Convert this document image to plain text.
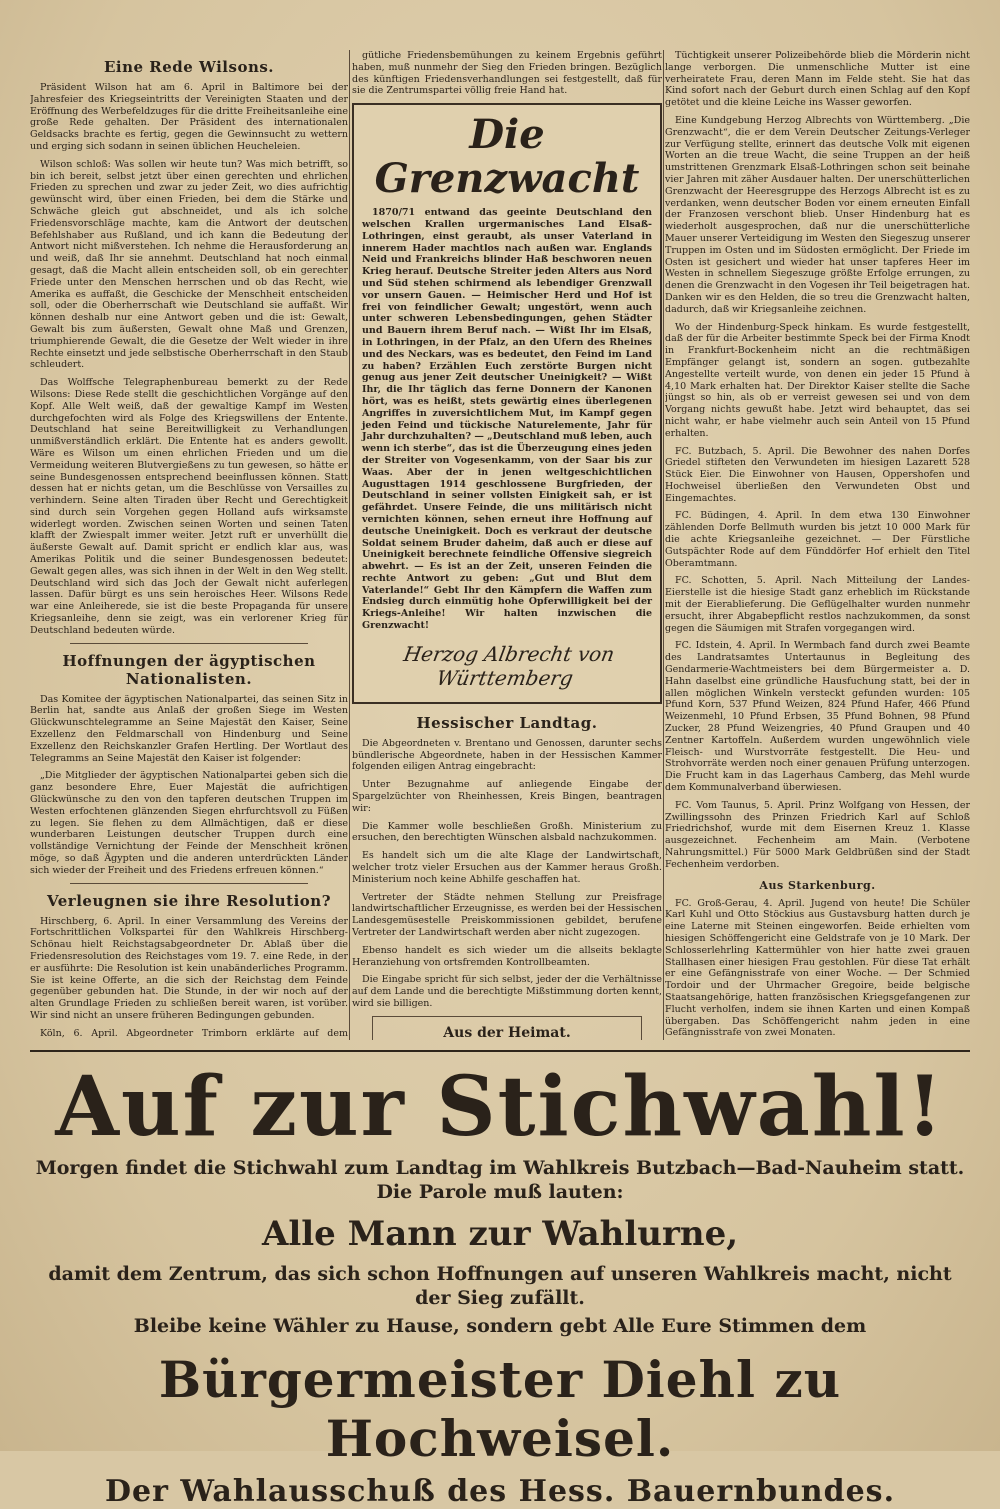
Eine Rede Wilsons.

Präsident Wilson hat am 6. April in Baltimore bei der Jahresfeier des Kriegseintritts der Vereinigten Staaten und der Eröffnung des Werbefeldzuges für die dritte Freiheitsanleihe eine große Rede gehalten. Der Präsident des internationalen Geldsacks brachte es fertig, gegen die Gewinnsucht zu wettern und erging sich sodann in seinen üblichen Heucheleien.

Wilson schloß: Was sollen wir heute tun? Was mich betrifft, so bin ich bereit, selbst jetzt über einen gerechten und ehrlichen Frieden zu sprechen und zwar zu jeder Zeit, wo dies aufrichtig gewünscht wird, über einen Frieden, bei dem die Stärke und Schwäche gleich gut abschneidet, und als ich solche Friedensvorschläge machte, kam die Antwort der deutschen Befehlshaber aus Rußland, und ich kann die Bedeutung der Antwort nicht mißverstehen. Ich nehme die Herausforderung an und weiß, daß Ihr sie annehmt. Deutschland hat noch einmal gesagt, daß die Macht allein entscheiden soll, ob ein gerechter Friede unter den Menschen herrschen und ob das Recht, wie Amerika es auffaßt, die Geschicke der Menschheit entscheiden soll, oder die Oberherrschaft wie Deutschland sie auffaßt. Wir können deshalb nur eine Antwort geben und die ist: Gewalt, Gewalt bis zum äußersten, Gewalt ohne Maß und Grenzen, triumphierende Gewalt, die die Gesetze der Welt wieder in ihre Rechte einsetzt und jede selbstische Oberherrschaft in den Staub schleudert.

Das Wolffsche Telegraphenbureau bemerkt zu der Rede Wilsons: Diese Rede stellt die geschichtlichen Vorgänge auf den Kopf. Alle Welt weiß, daß der gewaltige Kampf im Westen durchgefochten wird als Folge des Kriegswillens der Entente. Deutschland hat seine Bereitwilligkeit zu Verhandlungen unmißverständlich erklärt. Die Entente hat es anders gewollt. Wäre es Wilson um einen ehrlichen Frieden und um die Vermeidung weiteren Blutvergießens zu tun gewesen, so hätte er seine Bundesgenossen entsprechend beeinflussen können. Statt dessen hat er nichts getan, um die Beschlüsse von Versailles zu verhindern. Seine alten Tiraden über Recht und Gerechtigkeit sind durch sein Vorgehen gegen Holland aufs wirksamste widerlegt worden. Zwischen seinen Worten und seinen Taten klafft der Zwiespalt immer weiter. Jetzt ruft er unverhüllt die äußerste Gewalt auf. Damit spricht er endlich klar aus, was Amerikas Politik und die seiner Bundesgenossen bedeutet: Gewalt gegen alles, was sich ihnen in der Welt in den Weg stellt. Deutschland wird sich das Joch der Gewalt nicht auferlegen lassen. Dafür bürgt es uns sein heroisches Heer. Wilsons Rede war eine Anleiherede, sie ist die beste Propaganda für unsere Kriegsanleihe, denn sie zeigt, was ein verlorener Krieg für Deutschland bedeuten würde.

Hoffnungen der ägyptischen Nationalisten.

Das Komitee der ägyptischen Nationalpartei, das seinen Sitz in Berlin hat, sandte aus Anlaß der großen Siege im Westen Glückwunschtelegramme an Seine Majestät den Kaiser, Seine Exzellenz den Feldmarschall von Hindenburg und Seine Exzellenz den Reichskanzler Grafen Hertling. Der Wortlaut des Telegramms an Seine Majestät den Kaiser ist folgender:

„Die Mitglieder der ägyptischen Nationalpartei geben sich die ganz besondere Ehre, Euer Majestät die aufrichtigen Glückwünsche zu den von den tapferen deutschen Truppen im Westen erfochtenen glänzenden Siegen ehrfurchtsvoll zu Füßen zu legen. Sie flehen zu dem Allmächtigen, daß er diese wunderbaren Leistungen deutscher Truppen durch eine vollständige Vernichtung der Feinde der Menschheit krönen möge, so daß Ägypten und die anderen unterdrückten Länder sich wieder der Freiheit und des Friedens erfreuen können.“

Verleugnen sie ihre Resolution?

Hirschberg, 6. April. In einer Versammlung des Vereins der Fortschrittlichen Volkspartei für den Wahlkreis Hirschberg-Schönau hielt Reichstagsabgeordneter Dr. Ablaß über die Friedensresolution des Reichstages vom 19. 7. eine Rede, in der er ausführte: Die Resolution ist kein unabänderliches Programm. Sie ist keine Offerte, an die sich der Reichstag dem Feinde gegenüber gebunden hat. Die Stunde, in der wir noch auf der alten Grundlage Frieden zu schließen bereit waren, ist vorüber. Wir sind nicht an unsere früheren Bedingungen gebunden.

Köln, 6. April. Abgeordneter Trimborn erklärte auf dem

gütliche Friedensbemühungen zu keinem Ergebnis geführt haben, muß nunmehr der Sieg den Frieden bringen. Bezüglich des künftigen Friedensverhandlungen sei festgestellt, daß für sie die Zentrumspartei völlig freie Hand hat.

Die Grenzwacht

1870/71 entwand das geeinte Deutschland den welschen Krallen urgermanisches Land Elsaß-Lothringen, einst geraubt, als unser Vaterland in innerem Hader machtlos nach außen war. Englands Neid und Frankreichs blinder Haß beschworen neuen Krieg herauf. Deutsche Streiter jeden Alters aus Nord und Süd stehen schirmend als lebendiger Grenzwall vor unsern Gauen. — Heimischer Herd und Hof ist frei von feindlicher Gewalt; ungestört, wenn auch unter schweren Lebensbedingungen, gehen Städter und Bauern ihrem Beruf nach. — Wißt Ihr im Elsaß, in Lothringen, in der Pfalz, an den Ufern des Rheines und des Neckars, was es bedeutet, den Feind im Land zu haben? Erzählen Euch zerstörte Burgen nicht genug aus jener Zeit deutscher Uneinigkeit? — Wißt Ihr, die Ihr täglich das ferne Donnern der Kanonen hört, was es heißt, stets gewärtig eines überlegenen Angriffes in zuversichtlichem Mut, im Kampf gegen jeden Feind und tückische Naturelemente, Jahr für Jahr durchzuhalten? — „Deutschland muß leben, auch wenn ich sterbe“, das ist die Überzeugung eines jeden der Streiter von Vogesenkamm, von der Saar bis zur Waas. Aber der in jenen weltgeschichtlichen Augusttagen 1914 geschlossene Burgfrieden, der Deutschland in seiner vollsten Einigkeit sah, er ist gefährdet. Unsere Feinde, die uns militärisch nicht vernichten können, sehen erneut ihre Hoffnung auf deutsche Uneinigkeit. Doch es verkraut der deutsche Soldat seinem Bruder daheim, daß auch er diese auf Uneinigkeit berechnete feindliche Offensive siegreich abwehrt. — Es ist an der Zeit, unseren Feinden die rechte Antwort zu geben: „Gut und Blut dem Vaterlande!“ Gebt Ihr den Kämpfern die Waffen zum Endsieg durch einmütig hohe Opferwilligkeit bei der Kriegs-Anleihe! Wir halten inzwischen die Grenzwacht!

Herzog Albrecht von Württemberg
Hessischer Landtag.

Die Abgeordneten v. Brentano und Genossen, darunter sechs bündlerische Abgeordnete, haben in der Hessischen Kammer folgenden eiligen Antrag eingebracht:

Unter Bezugnahme auf anliegende Eingabe der Spargelzüchter von Rheinhessen, Kreis Bingen, beantragen wir:

Die Kammer wolle beschließen Großh. Ministerium zu ersuchen, den berechtigten Wünschen alsbald nachzukommen.

Es handelt sich um die alte Klage der Landwirtschaft, welcher trotz vieler Ersuchen aus der Kammer heraus Großh. Ministerium noch keine Abhilfe geschaffen hat.

Vertreter der Städte nehmen Stellung zur Preisfrage landwirtschaftlicher Erzeugnisse, es werden bei der Hessischen Landesgemüsestelle Preiskommissionen gebildet, berufene Vertreter der Landwirtschaft werden aber nicht zugezogen.

Ebenso handelt es sich wieder um die allseits beklagte Heranziehung von ortsfremden Kontrollbeamten.

Die Eingabe spricht für sich selbst, jeder der die Verhältnisse auf dem Lande und die berechtigte Mißstimmung dorten kennt, wird sie billigen.

Aus der Heimat.

Tüchtigkeit unserer Polizeibehörde blieb die Mörderin nicht lange verborgen. Die unmenschliche Mutter ist eine verheiratete Frau, deren Mann im Felde steht. Sie hat das Kind sofort nach der Geburt durch einen Schlag auf den Kopf getötet und die kleine Leiche ins Wasser geworfen.

Eine Kundgebung Herzog Albrechts von Württemberg. „Die Grenzwacht“, die er dem Verein Deutscher Zeitungs-Verleger zur Verfügung stellte, erinnert das deutsche Volk mit eigenen Worten an die treue Wacht, die seine Truppen an der heiß umstrittenen Grenzmark Elsaß-Lothringen schon seit beinahe vier Jahren mit zäher Ausdauer halten. Der unerschütterlichen Grenzwacht der Heeresgruppe des Herzogs Albrecht ist es zu verdanken, wenn deutscher Boden vor einem erneuten Einfall der Franzosen verschont blieb. Unser Hindenburg hat es wiederholt ausgesprochen, daß nur die unerschütterliche Mauer unserer Verteidigung im Westen den Siegeszug unserer Truppen im Osten und im Südosten ermöglicht. Der Friede im Osten ist gesichert und wieder hat unser tapferes Heer im Westen in schnellem Siegeszuge größte Erfolge errungen, zu denen die Grenzwacht in den Vogesen ihr Teil beigetragen hat. Danken wir es den Helden, die so treu die Grenzwacht halten, dadurch, daß wir Kriegsanleihe zeichnen.

Wo der Hindenburg-Speck hinkam. Es wurde festgestellt, daß der für die Arbeiter bestimmte Speck bei der Firma Knodt in Frankfurt-Bockenheim nicht an die rechtmäßigen Empfänger gelangt ist, sondern an sogen. gutbezahlte Angestellte verteilt wurde, von denen ein jeder 15 Pfund à 4,10 Mark erhalten hat. Der Direktor Kaiser stellte die Sache jüngst so hin, als ob er verreist gewesen sei und von dem Vorgang nichts gewußt habe. Jetzt wird behauptet, das sei nicht wahr, er habe vielmehr auch sein Anteil von 15 Pfund erhalten.

FC. Butzbach, 5. April. Die Bewohner des nahen Dorfes Griedel stifteten den Verwundeten im hiesigen Lazarett 528 Stück Eier. Die Einwohner von Hausen, Oppershofen und Hochweisel überließen den Verwundeten Obst und Eingemachtes.

FC. Büdingen, 4. April. In dem etwa 130 Einwohner zählenden Dorfe Bellmuth wurden bis jetzt 10 000 Mark für die achte Kriegsanleihe gezeichnet. — Der Fürstliche Gutspächter Rode auf dem Fünddörfer Hof erhielt den Titel Oberamtmann.

FC. Schotten, 5. April. Nach Mitteilung der Landes-Eierstelle ist die hiesige Stadt ganz erheblich im Rückstande mit der Eierablieferung. Die Geflügelhalter wurden nunmehr ersucht, ihrer Abgabepflicht restlos nachzukommen, da sonst gegen die Säumigen mit Strafen vorgegangen wird.

FC. Idstein, 4. April. In Wermbach fand durch zwei Beamte des Landratsamtes Untertaunus in Begleitung des Gendarmerie-Wachtmeisters bei dem Bürgermeister a. D. Hahn daselbst eine gründliche Hausfuchung statt, bei der in allen möglichen Winkeln versteckt gefunden wurden: 105 Pfund Korn, 537 Pfund Weizen, 824 Pfund Hafer, 466 Pfund Weizenmehl, 10 Pfund Erbsen, 35 Pfund Bohnen, 98 Pfund Zucker, 28 Pfund Weizengries, 40 Pfund Graupen und 40 Zentner Kartoffeln. Außerdem wurden ungewöhnlich viele Fleisch- und Wurstvorräte festgestellt. Die Heu- und Strohvorräte werden noch einer genauen Prüfung unterzogen. Die Frucht kam in das Lagerhaus Camberg, das Mehl wurde dem Kommunalverband überwiesen.

FC. Vom Taunus, 5. April. Prinz Wolfgang von Hessen, der Zwillingssohn des Prinzen Friedrich Karl auf Schloß Friedrichshof, wurde mit dem Eisernen Kreuz 1. Klasse ausgezeichnet. Fechenheim am Main. (Verbotene Nahrungsmittel.) Für 5000 Mark Geldbrüßen sind der Stadt Fechenheim verdorben.

Aus Starkenburg.

FC. Groß-Gerau, 4. April. Jugend von heute! Die Schüler Karl Kuhl und Otto Stöckius aus Gustavsburg hatten durch je eine Laterne mit Steinen eingeworfen. Beide erhielten vom hiesigen Schöffengericht eine Geldstrafe von je 10 Mark. Der Schlosserlehrling Kattermühler von hier hatte zwei grauen Stallhasen einer hiesigen Frau gestohlen. Für diese Tat erhält er eine Gefängnisstrafe von einer Woche. — Der Schmied Tordoir und der Uhrmacher Gregoire, beide belgische Staatsangehörige, hatten französischen Kriegsgefangenen zur Flucht verholfen, indem sie ihnen Karten und einen Kompaß übergaben. Das Schöffengericht nahm jeden in eine Gefängnisstrafe von zwei Monaten.

Auf zur Stichwahl!
Morgen findet die Stichwahl zum Landtag im Wahlkreis Butzbach—Bad-Nauheim statt. Die Parole muß lauten:
Alle Mann zur Wahlurne,
damit dem Zentrum, das sich schon Hoffnungen auf unseren Wahlkreis macht, nicht der Sieg zufällt.
Bleibe keine Wähler zu Hause, sondern gebt Alle Eure Stimmen dem
Bürgermeister Diehl zu Hochweisel.
Der Wahlausschuß des Hess. Bauernbundes.
